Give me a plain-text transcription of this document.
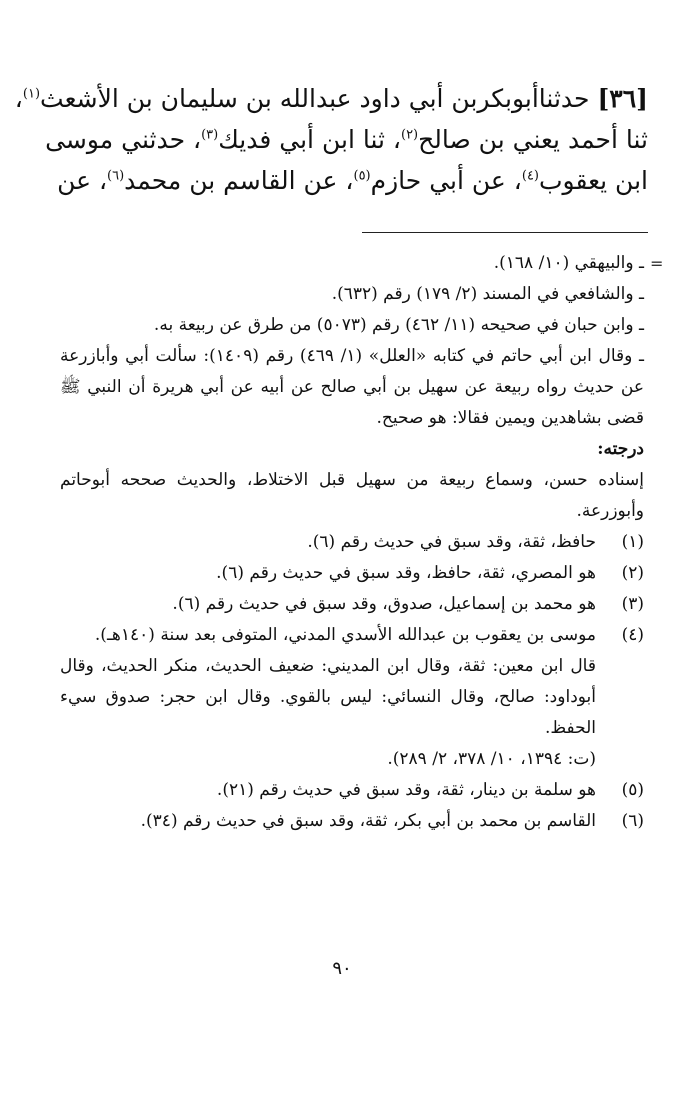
[٣٦] حدثناأبوبكربن أبي داود عبدالله بن سليمان بن الأشعث$^{(١)}$،
ثنا أحمد يعني بن صالح$^{(٢)}$، ثنا ابن أبي فديك$^{(٣)}$، حدثني موسى
ابن يعقوب$^{(٤)}$، عن أبي حازم$^{(٥)}$، عن القاسم بن محمد$^{(٦)}$، عن
=

ـ والبيهقي (١٠/ ١٦٨).

ـ والشافعي في المسند (٢/ ١٧٩) رقم (٦٣٢).

ـ وابن حبان في صحيحه (١١/ ٤٦٢) رقم (٥٠٧٣) من طرق عن ربيعة به.

ـ وقال ابن أبي حاتم في كتابه «العلل» (١/ ٤٦٩) رقم (١٤٠٩): سألت أبي وأبازرعة عن حديث رواه ربيعة عن سهيل بن أبي صالح عن أبيه عن أبي هريرة أن النبي ﷺ قضى بشاهدين ويمين فقالا: هو صحيح.

درجته:

إسناده حسن، وسماع ربيعة من سهيل قبل الاختلاط، والحديث صححه أبوحاتم وأبوزرعة.

(١)

حافظ، ثقة، وقد سبق في حديث رقم (٦).

(٢)

هو المصري، ثقة، حافظ، وقد سبق في حديث رقم (٦).

(٣)

هو محمد بن إسماعيل، صدوق، وقد سبق في حديث رقم (٦).

(٤)

موسى بن يعقوب بن عبدالله الأسدي المدني، المتوفى بعد سنة (١٤٠هـ).

قال ابن معين: ثقة، وقال ابن المديني: ضعيف الحديث، منكر الحديث، وقال أبوداود: صالح، وقال النسائي: ليس بالقوي. وقال ابن حجر: صدوق سيء الحفظ.

(ت: ١٣٩٤، ١٠/ ٣٧٨، ٢/ ٢٨٩).

(٥)

هو سلمة بن دينار، ثقة، وقد سبق في حديث رقم (٢١).

(٦)

القاسم بن محمد بن أبي بكر، ثقة، وقد سبق في حديث رقم (٣٤).

٩٠
